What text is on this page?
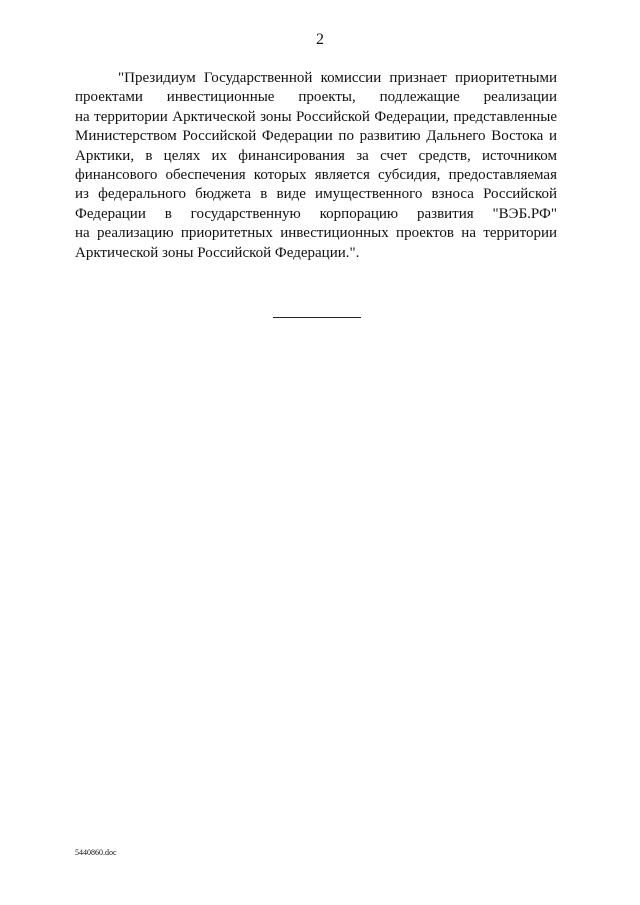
2
"Президиум Государственной комиссии признает приоритетными
проектами инвестиционные проекты, подлежащие реализации
на территории Арктической зоны Российской Федерации, представленные
Министерством Российской Федерации по развитию Дальнего Востока и
Арктики, в целях их финансирования за счет средств, источником
финансового обеспечения которых является субсидия, предоставляемая
из федерального бюджета в виде имущественного взноса Российской
Федерации в государственную корпорацию развития "ВЭБ.РФ"
на реализацию приоритетных инвестиционных проектов на территории
Арктической зоны Российской Федерации.".
5440860.doc
